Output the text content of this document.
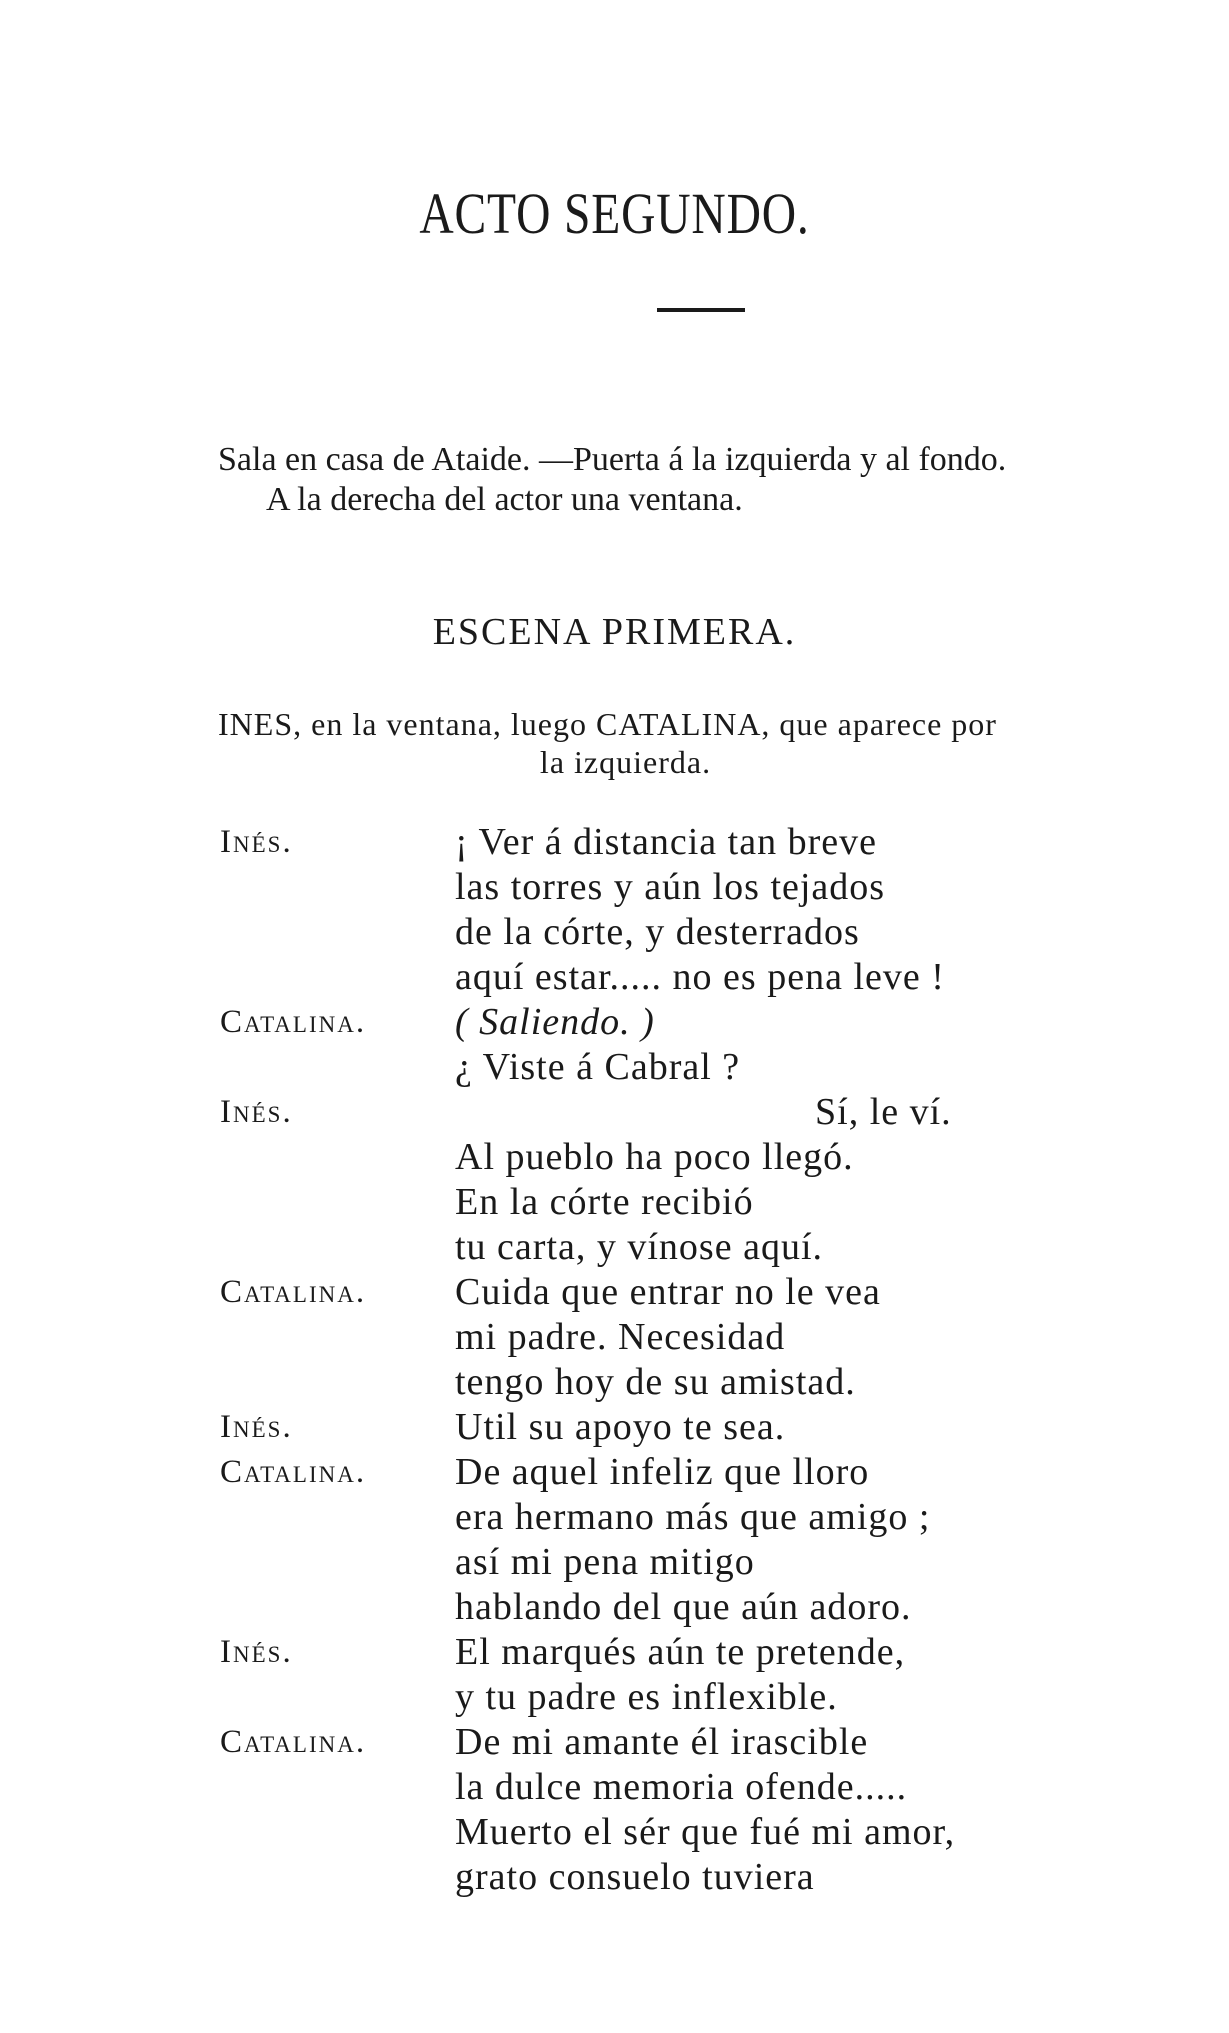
ACTO SEGUNDO.

Sala en casa de Ataide. —Puerta á la izquierda y al fondo.
A la derecha del actor una ventana.

ESCENA PRIMERA.

INES, en la ventana, luego CATALINA, que aparece por
la izquierda.

Inés.	¡ Ver á distancia tan breve
las torres y aún los tejados
de la córte, y desterrados
aquí estar..... no es pena leve !
Catalina.	( Saliendo. )
¿ Viste á Cabral ?
Inés.	Sí, le ví.
Al pueblo ha poco llegó.
En la córte recibió
tu carta, y vínose aquí.
Catalina.	Cuida que entrar no le vea
mi padre. Necesidad
tengo hoy de su amistad.
Inés.	Util su apoyo te sea.
Catalina.	De aquel infeliz que lloro
era hermano más que amigo ;
así mi pena mitigo
hablando del que aún adoro.
Inés.	El marqués aún te pretende,
y tu padre es inflexible.
Catalina.	De mi amante él irascible
la dulce memoria ofende.....
Muerto el sér que fué mi amor,
grato consuelo tuviera
